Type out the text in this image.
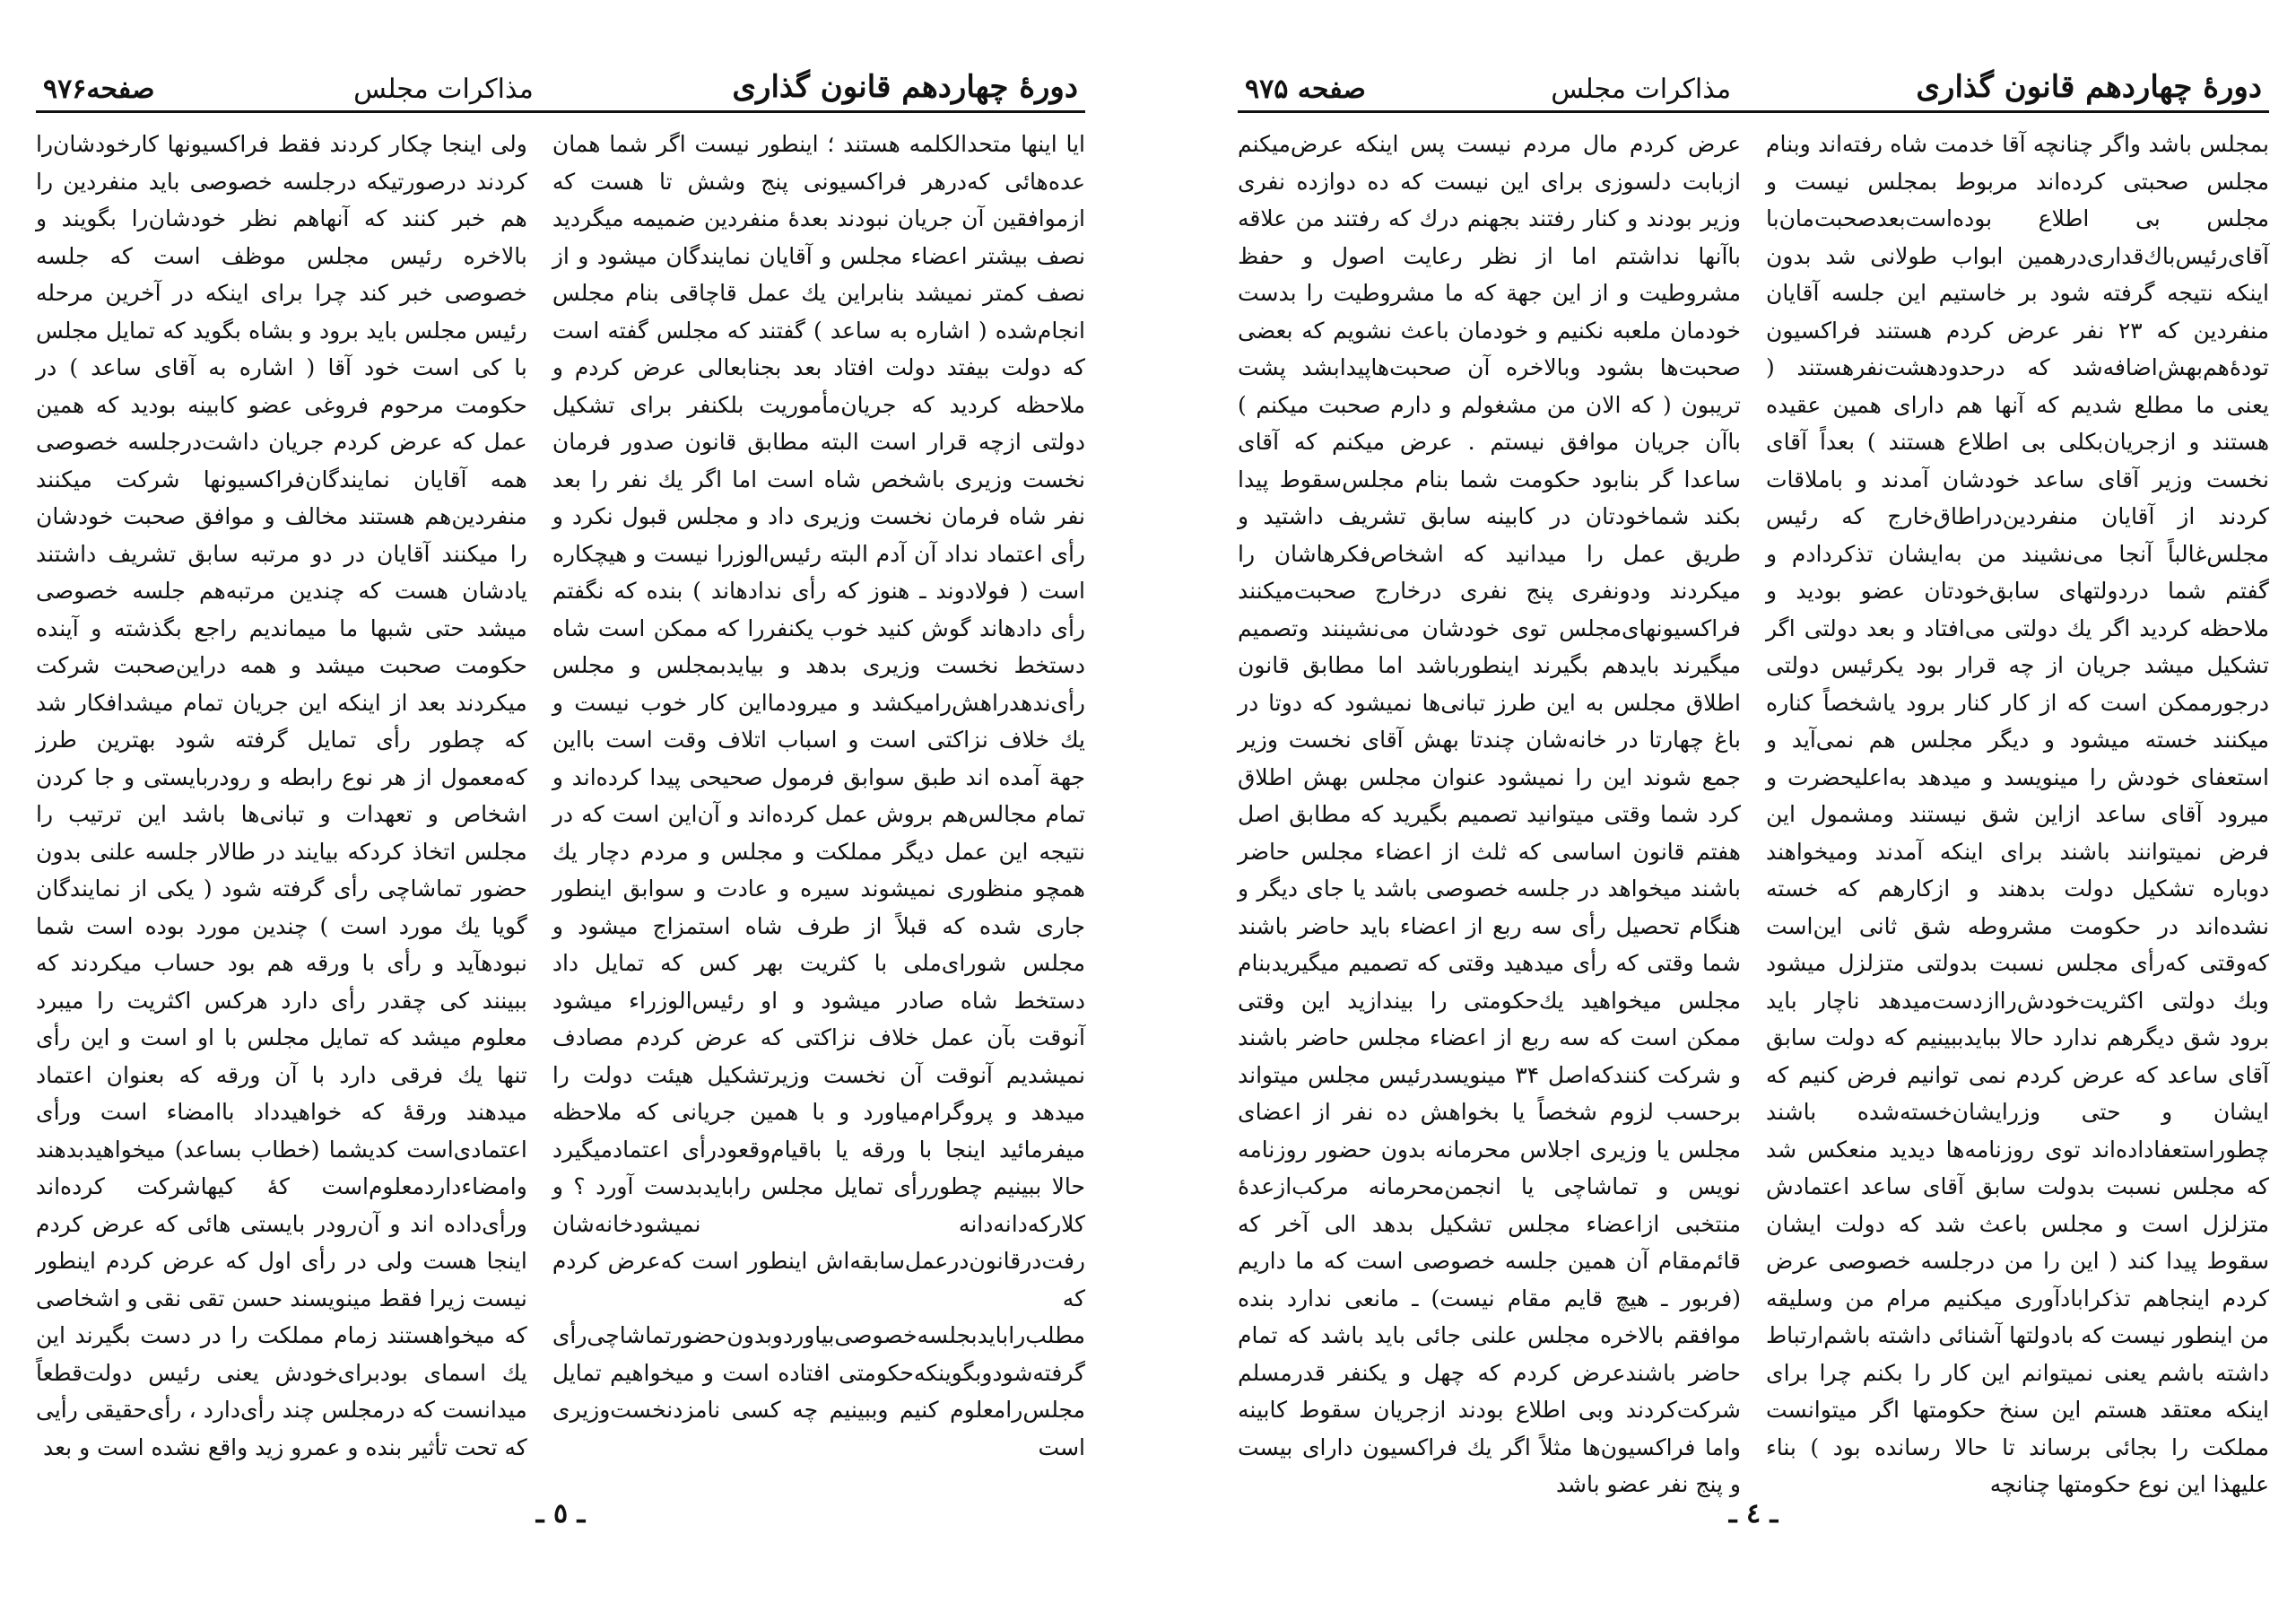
دورهٔ چهاردهم قانون گذاری
مذاکرات مجلس
صفحه۹۷۶

ایا اینها متحدالکلمه هستند ؛ اینطور نیست اگر شما همان عده‌هائی که‌درهر فراکسیونی پنج وشش تا هست که ازموافقین آن جریان نبودند بعدهٔ منفردین ضمیمه میگردید نصف بیشتر اعضاء مجلس و آقایان نمایندگان میشود و از نصف کمتر نمیشد بنابراین یك عمل قاچاقی بنام مجلس انجام‌شده ( اشاره به ساعد ) گفتند که مجلس گفته است که دولت بیفتد دولت افتاد بعد بجنابعالی عرض کردم و ملاحظه کردید که جریان‌مأموریت بلکنفر برای تشکیل دولتی ازچه قرار است البته مطابق قانون صدور فرمان نخست وزیری باشخص شاه است اما اگر یك نفر را بعد نفر شاه فرمان نخست وزیری داد و مجلس قبول نکرد و رأی اعتماد نداد آن آدم البته رئیس‌الوزرا نیست و هیچکاره است ( فولادوند ـ هنوز که رأی ندادهاند ) بنده که نگفتم رأی دادهاند گوش کنید خوب یکنفر‌را که ممکن است شاه دستخط نخست وزیری بدهد و بیاید‌بمجلس و مجلس رأی‌ندهد‌راهش‌رامیکشد و میرود‌ما‌این کار خوب نیست و یك خلاف نزاکتی است و اسباب اتلاف وقت است بااین جهة آمده اند طبق سوابق فرمول صحیحی پیدا کرده‌اند و تمام مجالس‌هم بروش عمل کرده‌اند و آن‌این است که در نتیجه این عمل دیگر مملکت و مجلس و مردم دچار یك همچو منظوری نمیشوند سیره و عادت و سوابق اینطور جاری شده که قبلاً از طرف شاه استمزاج میشود و مجلس شورای‌ملی با کثریت بهر کس که تمایل داد دستخط شاه صادر میشود و او رئیس‌الوزراء میشود آنوقت بآن عمل خلاف نزاکتی که عرض کردم مصادف نمیشدیم آنوقت آن نخست وزیر‌تشکیل هیئت دولت را میدهد و پروگرام‌میاورد و با همین جریانی که ملاحظه میفرمائید اینجا با ورقه یا باقیام‌وقعود‌رأی اعتمادمیگیرد حالا ببینیم چطوررأی تمایل مجلس رابایدبدست آورد ؟ و کلا‌رکه‌دانه‌دانه نمیشودخانه‌شان رفت‌درقانون‌درعمل‌سابقه‌اش اینطور است که‌عرض کردم که مطلب‌رابایدبجلسه‌خصوصی‌بیاوردوبدون‌حضورتماشاچی‌رأی گرفته‌شودوبگوینکه‌حکومتی افتاده است و میخواهیم تمایل مجلس‌رامعلوم کنیم وببینیم چه کسی نامزدنخست‌وزیری است

ولی اینجا چکار کردند فقط فراکسیونها کارخودشان‌را کردند درصورتیکه درجلسه خصوصی باید منفردین را هم خبر کنند که آنهاهم نظر خودشان‌را بگویند و بالاخره رئیس مجلس موظف است که جلسه خصوصی خبر کند چرا برای اینکه در آخرین مرحله رئیس مجلس باید برود و بشاه بگوید که تمایل مجلس با کی است خود آقا ( اشاره به آقای ساعد ) در حکومت مرحوم فروغی عضو کابینه بودید که همین عمل که عرض کردم جریان داشت‌درجلسه خصوصی همه آقایان نمایندگان‌فراکسیونها شرکت میکنند منفردین‌هم هستند مخالف و موافق صحبت خودشان را میکنند آقایان در دو مرتبه سابق تشریف داشتند یادشان هست که چندین مرتبه‌هم جلسه خصوصی میشد حتی شبها ما میماندیم راجع بگذشته و آینده حکومت صحبت میشد و همه دراین‌صحبت شرکت میکردند بعد از اینکه این جریان تمام میشدافکار شد که چطور رأی تمایل گرفته شود بهترین طرز که‌معمول از هر نوع رابطه و رودربایستی و جا کردن اشخاص و تعهدات و تبانی‌ها باشد این ترتیب را مجلس اتخاذ کرد‌که بیایند در طالار جلسه علنی بدون حضور تماشاچی رأی گرفته شود ( یکی از نمایندگان گویا یك مورد است ) چندین مورد بوده است شما نبودهآید و رأی با ورقه هم بود حساب میکردند که ببینند کی چقدر رأی دارد هرکس اکثریت را میبرد معلوم میشد که تمایل مجلس با او است و این رأی تنها یك فرقی دارد با آن ورقه که بعنوان اعتماد میدهند ورقهٔ که خواهیدداد باامضاء است ورأی اعتمادی‌است کدیشما (خطاب بساعد) میخواهیدبدهند وامضاءدارد‌معلوم‌است کهٔ کیهاشرکت کرده‌اند ورأی‌داد‌ه اند و آن‌رودر بایستی هائی که عرض کردم اینجا هست ولی در رأی اول که عرض کردم اینطور نیست زیرا فقط مینویسند حسن تقی نقی و اشخاصی که میخواهستند زمام مملکت را در دست بگیرند این یك اسمای بود‌برای‌خودش یعنی رئیس دولت‌قطعاً میدانست که درمجلس چند رأی‌دارد ، رأی‌حقیقی رأیی که تحت تأثیر بنده و عمرو زید واقع نشده است و بعد

ـ ٥ ـ
دورهٔ چهاردهم قانون گذاری
مذاکرات مجلس
صفحه ۹۷۵

بمجلس باشد واگر چنانچه آقا خدمت شاه رفته‌اند وبنام مجلس صحبتی کرده‌اند مربوط بمجلس نیست و مجلس بی اطلاع بوده‌است‌بعدصحبت‌مان‌با آقای‌رئیس‌باك‌قداری‌درهمین ابواب طولانی شد بدون اینکه نتیجه گرفته شود بر خاستیم این جلسه آقایان منفردین که ۲۳ نفر عرض کردم هستند فراکسیون تودهٔ‌هم‌بهش‌اضافه‌شد که درحدودهشت‌نفرهستند ( یعنی ما مطلع شدیم که آنها هم دارای همین عقیده هستند و ازجریان‌بکلی بی اطلاع هستند ) بعداً آقای نخست وزیر آقای ساعد خودشان آمدند و باملاقات کردند از آقایان منفردین‌در‌اطاق‌خارج که رئیس مجلس‌غالباً آنجا می‌نشیند من به‌ایشان تذکر‌دادم و گفتم شما در‌دولتهای سابق‌خودتان عضو بودید و ملاحظه کردید اگر یك دولتی می‌افتاد و بعد دولتی اگر تشکیل میشد جریان از چه قرار بود یکرئیس دولتی درجورممکن است که از کار کنار برود یاشخصاً کناره میکنند خسته میشود و دیگر مجلس هم نمی‌آید و استعفای خودش را مینویسد و میدهد به‌اعلیحضرت و میرود آقای ساعد ازاین شق نیستند ومشمول این فرض نمیتوانند باشند برای اینکه آمدند ومیخواهند دوباره تشکیل دولت بدهند و ازکارهم که خسته نشده‌اند در حکومت مشروطه شق ثانی این‌است که‌وقتی که‌رأی مجلس نسبت بدولتی متزلزل میشود وبك دولتی اکثریت‌خودش‌را‌ازدست‌میدهد ناچار باید برود شق دیگرهم ندارد حالا ببایدببینیم که دولت سابق آقای ساعد که عرض کردم نمی توانیم فرض کنیم که ایشان و حتی وزرایشان‌خسته‌شده باشند چطور‌استعفاداده‌اند توی روزنامه‌ها دیدید منعکس شد که مجلس نسبت بدولت سابق آقای ساعد اعتمادش متزلزل است و مجلس باعث شد که دولت ایشان سقوط پیدا کند ( این را من درجلسه خصوصی عرض کردم اینجاهم تذکرابادآوری میکنیم مرام من وسلیقه من اینطور نیست که بادولتها آشنائی داشته باشم‌ارتباط داشته باشم یعنی نمیتوانم این کار را بکنم چرا برای اینکه معتقد هستم این سنخ حکومتها اگر میتوانست مملکت را بجائی برساند تا حالا رسانده بود ) بناء علیهذا این نوع حکومتها چنانچه

عرض کردم مال مردم نیست پس اینکه عرض‌میکنم ازبابت دلسوزی برای این نیست که ده دوازده نفری وزیر بودند و کنار رفتند بجهنم درك که رفتند من علاقه باآنها نداشتم اما از نظر رعایت اصول و حفظ مشروطیت و از این جهة که ما مشروطیت را بدست خودمان ملعبه نکنیم و خودمان باعث نشویم که بعضی صحبت‌ها بشود وبالاخره آن صحبت‌هاپیدابشد پشت تریبون ( که الان من مشغولم و دارم صحبت میکنم ) باآن جریان موافق نیستم . عرض میکنم که آقای ساعدا گر بنابود حکومت شما بنام مجلس‌سقوط پیدا بکند شماخودتان در کابینه سابق تشریف داشتید و طریق عمل را میدانید که اشخاص‌فکرهاشان را میکردند ودونفری پنج نفری درخارج صحبت‌میکنند فراکسیونهای‌مجلس توی خودشان می‌نشینند وتصمیم میگیرند بایدهم بگیرند اینطور‌باشد اما مطابق قانون اطلاق مجلس به این طرز تبانی‌ها نمیشود که دوتا در باغ چهارتا در خانه‌شان چندتا بهش آقای نخست وزیر جمع شوند این را نمیشود عنوان مجلس بهش اطلاق کرد شما وقتی میتوانید تصمیم بگیرید که مطابق اصل هفتم قانون اساسی که ثلث از اعضاء مجلس حاضر باشند میخواهد در جلسه خصوصی باشد یا جای دیگر و هنگام تحصیل رأی سه ربع از اعضاء باید حاضر باشند شما وقتی که رأی میدهید وقتی که تصمیم میگیریدبنام مجلس میخواهید یك‌حکومتی را بیندازید این وقتی ممکن است که سه ربع از اعضاء مجلس حاضر باشند و شرکت کنندکه‌اصل ۳۴ مینویسد‌رئیس مجلس میتواند برحسب لزوم شخصاً یا بخواهش ده نفر از اعضای مجلس یا وزیری اجلاس محرمانه بدون حضور روزنامه نویس و تماشاچی یا انجمن‌محرمانه مرکب‌ازعدهٔ منتخبی ازاعضاء مجلس تشکیل بدهد الی آخر که قائم‌مقام آن همین جلسه خصوصی است که ما داریم (فربور ـ هیچ قایم مقام نیست) ـ مانعی ندارد بنده موافقم بالاخره مجلس علنی جائی باید باشد که تمام حاضر باشند‌عرض کردم که چهل و یکنفر قدر‌مسلم شرکت‌کردند وبی اطلاع بودند ازجریان سقوط کابینه واما فراکسیون‌ها مثلاً اگر یك فراکسیون دارای بیست و پنج نفر عضو باشد

ـ ٤ ـ
